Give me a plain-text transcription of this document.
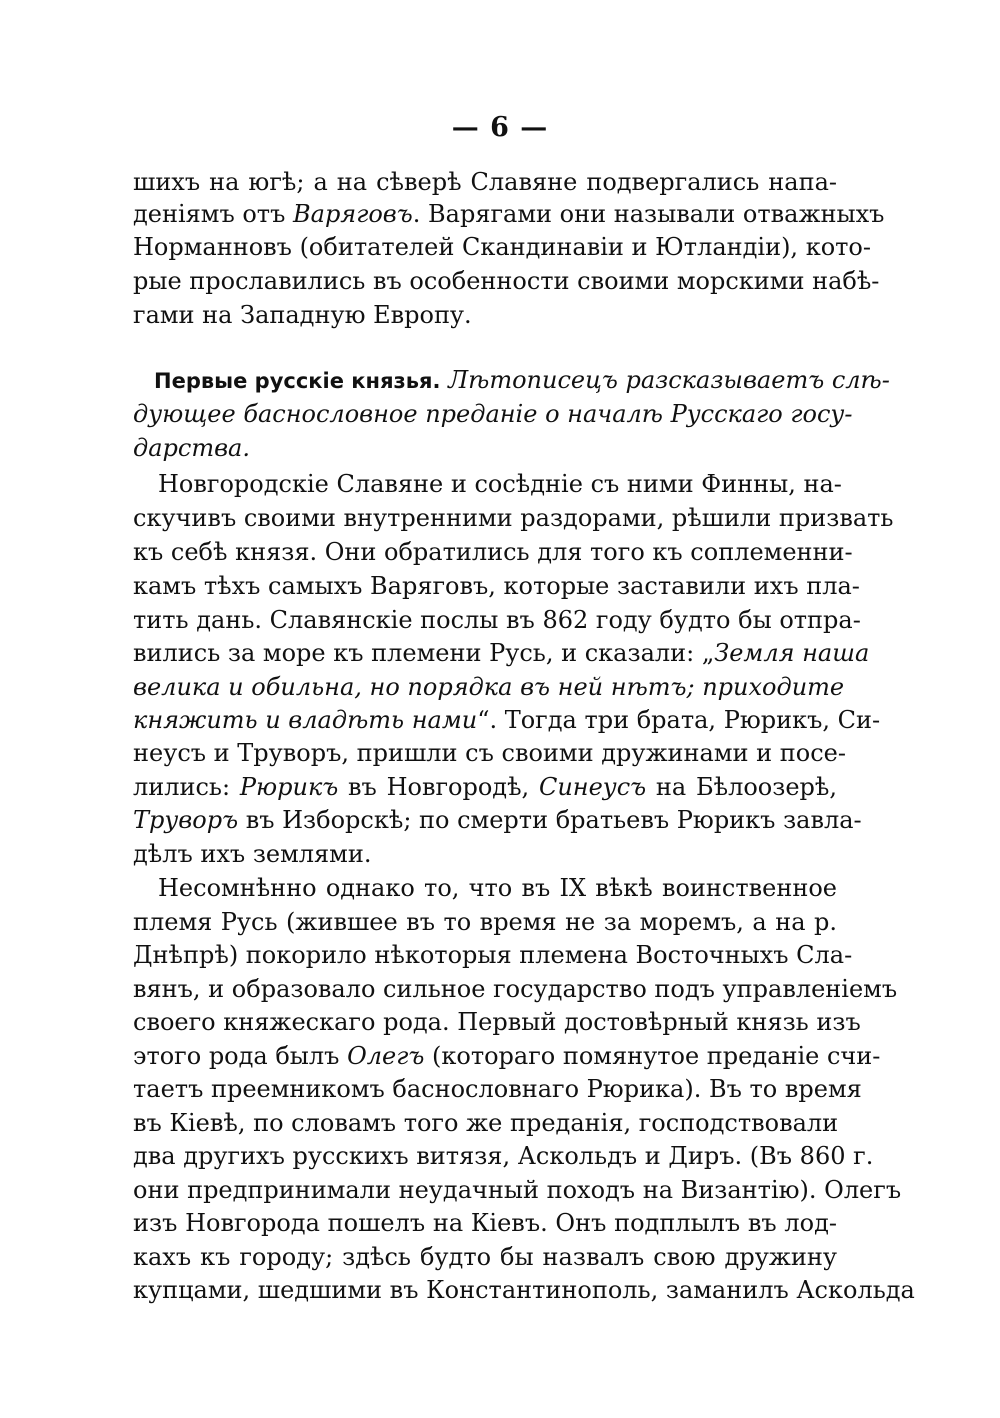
— 6 —
шихъ на югѣ; а на сѣверѣ Славяне подвергались напа-
деніямъ отъ Варяговъ. Варягами они называли отважныхъ
Норманновъ (обитателей Скандинавіи и Ютландіи), кото-
рые прославились въ особенности своими морскими набѣ-
гами на Западную Европу.
Первые русскіе князья. Лѣтописецъ разсказываетъ слѣ-
дующее баснословное преданіе о началѣ Русскаго госу-
дарства.
Новгородскіе Славяне и сосѣдніе съ ними Финны, на-
скучивъ своими внутренними раздорами, рѣшили призвать
къ себѣ князя. Они обратились для того къ соплеменни-
камъ тѣхъ самыхъ Варяговъ, которые заставили ихъ пла-
тить дань. Славянскіе послы въ 862 году будто бы отпра-
вились за море къ племени Русь, и сказали: „Земля наша
велика и обильна, но порядка въ ней нѣтъ; приходите
княжить и владѣть нами“. Тогда три брата, Рюрикъ, Си-
неусъ и Труворъ, пришли съ своими дружинами и посе-
лились: Рюрикъ въ Новгородѣ, Синеусъ на Бѣлоозерѣ,
Труворъ въ Изборскѣ; по смерти братьевъ Рюрикъ завла-
дѣлъ ихъ землями.
Несомнѣнно однако то, что въ IX вѣкѣ воинственное
племя Русь (жившее въ то время не за моремъ, а на р.
Днѣпрѣ) покорило нѣкоторыя племена Восточныхъ Сла-
вянъ, и образовало сильное государство подъ управленіемъ
своего княжескаго рода. Первый достовѣрный князь изъ
этого рода былъ Олегъ (котораго помянутое преданіе счи-
таетъ преемникомъ баснословнаго Рюрика). Въ то время
въ Кіевѣ, по словамъ того же преданія, господствовали
два другихъ русскихъ витязя, Аскольдъ и Диръ. (Въ 860 г.
они предпринимали неудачный походъ на Византію). Олегъ
изъ Новгорода пошелъ на Кіевъ. Онъ подплылъ въ лод-
кахъ къ городу; здѣсь будто бы назвалъ свою дружину
купцами, шедшими въ Константинополь, заманилъ Аскольда
